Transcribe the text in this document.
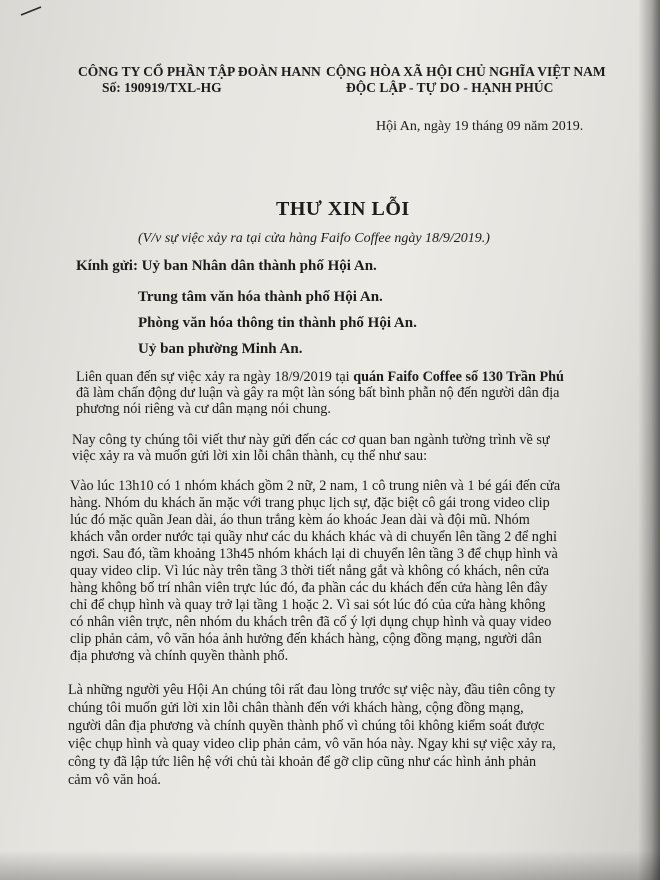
CÔNG TY CỔ PHẦN TẬP ĐOÀN HANN
Số: 190919/TXL-HG
CỘNG HÒA XÃ HỘI CHỦ NGHĨA VIỆT NAM
ĐỘC LẬP - TỰ DO - HẠNH PHÚC
Hội An, ngày 19 tháng 09 năm 2019.
THƯ XIN LỖI
(V/v sự việc xảy ra tại cửa hàng Faifo Coffee ngày 18/9/2019.)
Kính gửi: Uỷ ban Nhân dân thành phố Hội An.
Trung tâm văn hóa thành phố Hội An.
Phòng văn hóa thông tin thành phố Hội An.
Uỷ ban phường Minh An.
Liên quan đến sự việc xảy ra ngày 18/9/2019 tại quán Faifo Coffee số 130 Trần Phú
đã làm chấn động dư luận và gây ra một làn sóng bất bình phẫn nộ đến người dân địa
phương nói riêng và cư dân mạng nói chung.
Nay công ty chúng tôi viết thư này gửi đến các cơ quan ban ngành tường trình về sự
việc xảy ra và muốn gửi lời xin lỗi chân thành, cụ thể như sau:
Vào lúc 13h10 có 1 nhóm khách gồm 2 nữ, 2 nam, 1 cô trung niên và 1 bé gái đến cửa
hàng. Nhóm du khách ăn mặc với trang phục lịch sự, đặc biệt cô gái trong video clip
lúc đó mặc quần Jean dài, áo thun trắng kèm áo khoác Jean dài và đội mũ. Nhóm
khách vẫn order nước tại quầy như các du khách khác và di chuyển lên tầng 2 để nghỉ
ngơi. Sau đó, tầm khoảng 13h45 nhóm khách lại di chuyển lên tầng 3 để chụp hình và
quay video clip. Vì lúc này trên tầng 3 thời tiết nắng gắt và không có khách, nên cửa
hàng không bố trí nhân viên trực lúc đó, đa phần các du khách đến cửa hàng lên đây
chỉ để chụp hình và quay trở lại tầng 1 hoặc 2. Vì sai sót lúc đó của cửa hàng không
có nhân viên trực, nên nhóm du khách trên đã cố ý lợi dụng chụp hình và quay video
clip phản cảm, vô văn hóa ảnh hưởng đến khách hàng, cộng đồng mạng, người dân
địa phương và chính quyền thành phố.
Là những người yêu Hội An chúng tôi rất đau lòng trước sự việc này, đầu tiên công ty
chúng tôi muốn gửi lời xin lỗi chân thành đến với khách hàng, cộng đồng mạng,
người dân địa phương và chính quyền thành phố vì chúng tôi không kiểm soát được
việc chụp hình và quay video clip phản cảm, vô văn hóa này. Ngay khi sự việc xảy ra,
công ty đã lập tức liên hệ với chủ tài khoản để gỡ clip cũng như các hình ảnh phản
cảm vô văn hoá.
